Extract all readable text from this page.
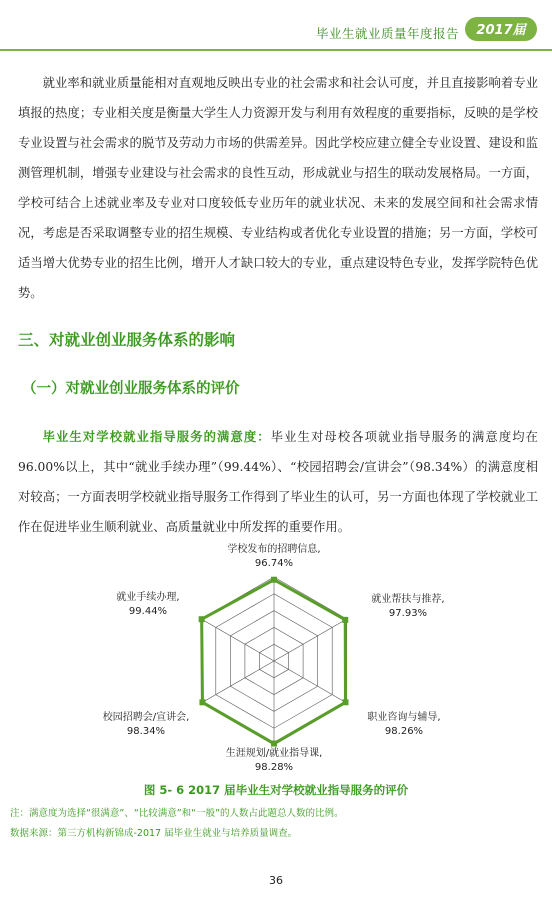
毕业生就业质量年度报告 2017届

就业率和就业质量能相对直观地反映出专业的社会需求和社会认可度，并且直接影响着专业填报的热度；专业相关度是衡量大学生人力资源开发与利用有效程度的重要指标，反映的是学校专业设置与社会需求的脱节及劳动力市场的供需差异。因此学校应建立健全专业设置、建设和监测管理机制，增强专业建设与社会需求的良性互动，形成就业与招生的联动发展格局。一方面，学校可结合上述就业率及专业对口度较低专业历年的就业状况、未来的发展空间和社会需求情况，考虑是否采取调整专业的招生规模、专业结构或者优化专业设置的措施；另一方面，学校可适当增大优势专业的招生比例，增开人才缺口较大的专业，重点建设特色专业，发挥学院特色优势。

三、对就业创业服务体系的影响
（一）对就业创业服务体系的评价

毕业生对学校就业指导服务的满意度：毕业生对母校各项就业指导服务的满意度均在 96.00%以上，其中“就业手续办理”（99.44%）、“校园招聘会/宣讲会”（98.34%）的满意度相对较高；一方面表明学校就业指导服务工作得到了毕业生的认可，另一方面也体现了学校就业工作在促进毕业生顺利就业、高质量就业中所发挥的重要作用。

学校发布的招聘信息,
96.74%
就业帮扶与推荐,
97.93%
职业咨询与辅导,
98.26%
生涯规划/就业指导课,
98.28%
校园招聘会/宣讲会,
98.34%
就业手续办理,
99.44%
图 5- 6 2017 届毕业生对学校就业指导服务的评价
注：满意度为选择“很满意”、“比较满意”和“一般”的人数占此题总人数的比例。
数据来源：第三方机构新锦成-2017 届毕业生就业与培养质量调查。
36
